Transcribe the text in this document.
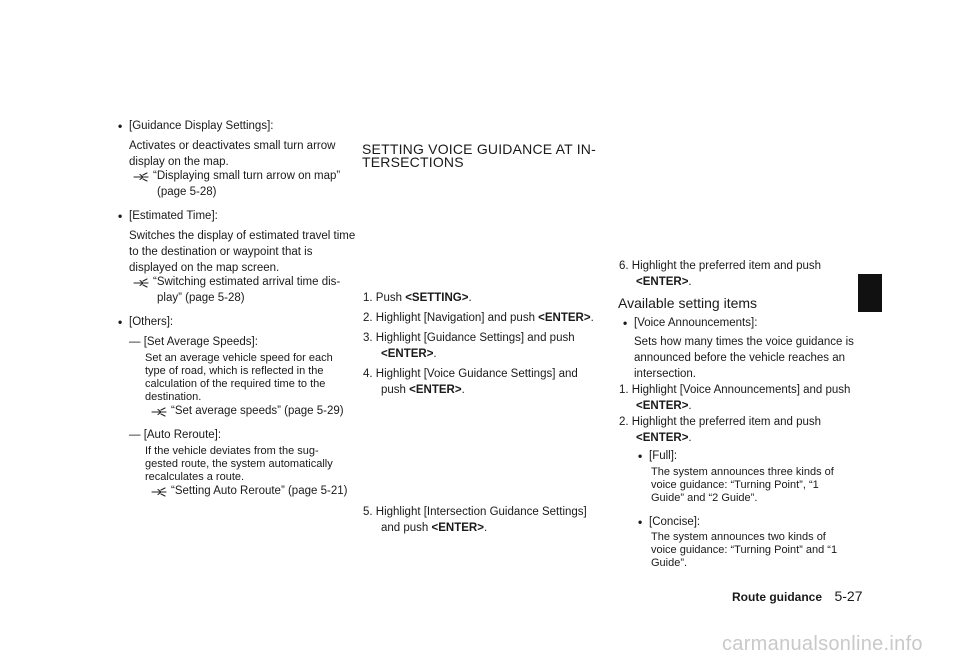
• [Guidance Display Settings]:
Activates or deactivates small turn arrow
display on the map.
“Displaying small turn arrow on map”
(page 5-28)
• [Estimated Time]:
Switches the display of estimated travel time
to the destination or waypoint that is
displayed on the map screen.
“Switching estimated arrival time dis-
play” (page 5-28)
• [Others]:
— [Set Average Speeds]:
Set an average vehicle speed for each
type of road, which is reflected in the
calculation of the required time to the
destination.
“Set average speeds” (page 5-29)
— [Auto Reroute]:
If the vehicle deviates from the sug-
gested route, the system automatically
recalculates a route.
“Setting Auto Reroute” (page 5-21)
SETTING VOICE GUIDANCE AT IN-
TERSECTIONS
1. Push <SETTING>.
2. Highlight [Navigation] and push <ENTER>.
3. Highlight [Guidance Settings] and push
<ENTER>.
4. Highlight [Voice Guidance Settings] and
push <ENTER>.
5. Highlight [Intersection Guidance Settings]
and push <ENTER>.
6. Highlight the preferred item and push
<ENTER>.
Available setting items
• [Voice Announcements]:
Sets how many times the voice guidance is
announced before the vehicle reaches an
intersection.
1. Highlight [Voice Announcements] and push
<ENTER>.
2. Highlight the preferred item and push
<ENTER>.
• [Full]:
The system announces three kinds of
voice guidance: “Turning Point”, “1
Guide” and “2 Guide”.
• [Concise]:
The system announces two kinds of
voice guidance: “Turning Point” and “1
Guide”.
Route guidance 5-27
carmanualsonline.info
